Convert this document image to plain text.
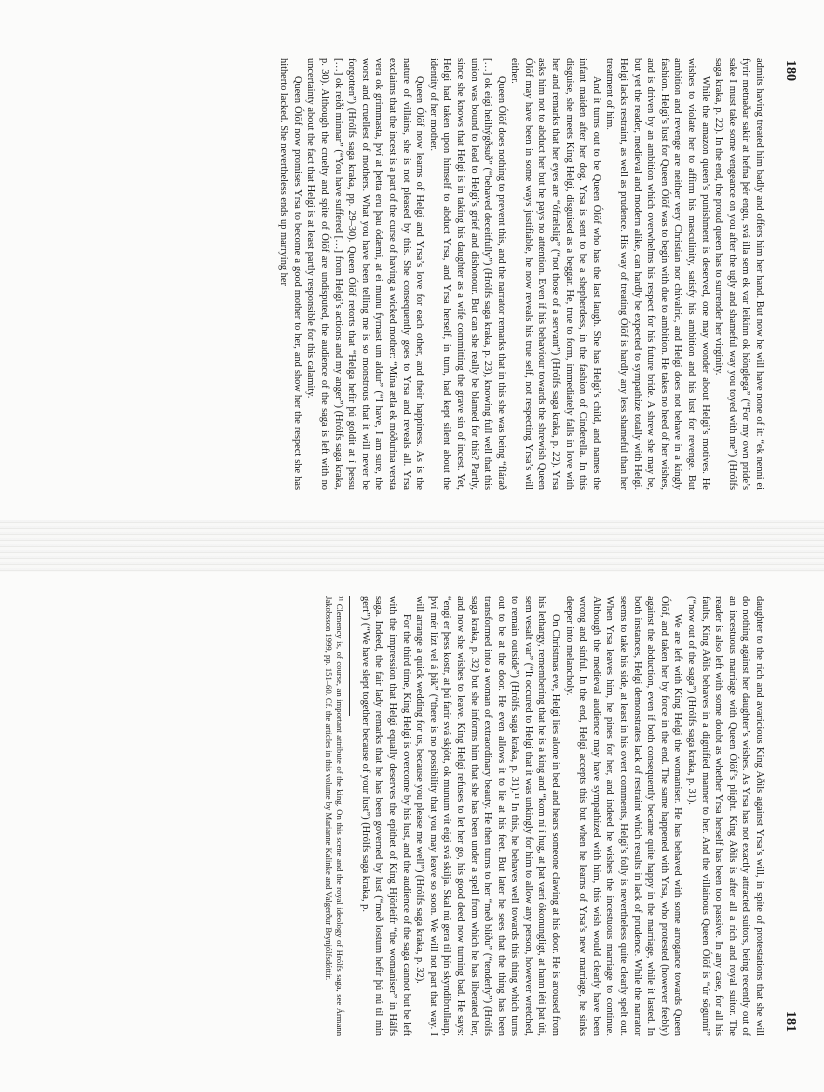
180

admits having treated him badly and offers him her hand. But now he will have none of it: “ek nenni ei fyrir metnaðar sakir at hefna þér engu, svá illa sem ek var leikinn ok hönglega” (“For my own pride’s sake I must take some vengeance on you after the ugly and shameful way you toyed with me”) (Hrólfs saga kraka, p. 22). In the end, the proud queen has to surrender her virginity.

While the amazon queen’s punishment is deserved, one may wonder about Helgi’s motives. He wishes to violate her to affirm his masculinity, satisfy his ambition and his lust for revenge. But ambition and revenge are neither very Christian nor chivalric, and Helgi does not behave in a kingly fashion. Helgi’s lust for Queen Ólöf was to begin with due to ambition. He takes no heed of her wishes, and is driven by an ambition which overwhelms his respect for his future bride. A shrew she may be, but yet the reader, medieval and modern alike, can hardly be expected to sympathize totally with Helgi. Helgi lacks restraint, as well as prudence. His way of treating Ólöf is hardly any less shameful than her treatment of him.

And it turns out to be Queen Ólöf who has the last laugh. She has Helgi’s child, and names the infant maiden after her dog. Yrsa is sent to be a shepherdess, in the fashion of Cinderella. In this disguise, she meets King Helgi, disguised as a beggar. He, true to form, immediately falls in love with her and remarks that her eyes are “ófrælslig” (“not those of a servant”) (Hrólfs saga kraka, p. 22). Yrsa asks him not to abduct her but he pays no attention. Even if his behaviour towards the shrewish Queen Ólöf may have been in some ways justifiable, he now reveals his true self, not respecting Yrsa’s will either.

Queen Ólöf does nothing to prevent this, and the narrator remarks that in this she was being “flárað […] ok eigi heilhýgðsuð” (“behaved deceitfully”) (Hrólfs saga kraka, p. 23), knowing full well that this union was bound to lead to Helgi’s grief and dishonour. But can she really be blamed for this? Partly, since she knows that Helgi is in taking his daughter as a wife committing the grave sin of incest. Yet, Helgi had taken upon himself to abduct Yrsa, and Yrsa herself, in turn, had kept silent about the identity of her mother.

Queen Ólöf now learns of Helgi and Yrsa’s love for each other, and their happiness. As is the nature of villains, she is not pleased by this. She consequently goes to Yrsa and reveals all. Yrsa exclaims that the incest is a part of the curse of having a wicked mother: “Mína ætla ek móðurina versta vera ok grimmasta, því at þetta eru þau ódæmi, at ei munu fyrnast um aldur” (“I have, I am sure, the worst and cruellest of mothers. What you have been telling me is so monstrous that it will never be forgotten”) (Hrólfs saga kraka, pp. 29–30). Queen Ólöf retorts that “Helga hefir þú goldit at í þessu […] ok reiði minnar” (“You have suffered […] from Helgi’s actions and my anger”) (Hrólfs saga kraka, p. 30). Although the cruelty and spite of Ólöf are undisputed, the audience of the saga is left with no uncertainty about the fact that Helgi is at least partly responsible for this calamity.

Queen Ólöf now promises Yrsa to become a good mother to her, and show her the respect she has hitherto lacked. She nevertheless ends up marrying her

181

daughter to the rich and avaricious King Aðils against Yrsa’s will, in spite of protestations that she will do nothing against her daughter’s wishes. As Yrsa has not exactly attracted suitors, being recently out of an incestuous marriage with Queen Ólöf’s plight. King Aðils is after all a rich and royal suitor. The reader is also left with some doubt as whether Yrsa herself has been too passive. In any case, for all his faults, King Aðils behaves in a dignified manner to her. And the villainous Queen Ólöf is “úr sögunni” (“now out of the saga”) (Hrólfs saga kraka, p. 31).

We are left with King Helgi the womaniser. He has behaved with some arrogance towards Queen Ólöf, and taken her by force in the end. The same happened with Yrsa, who protested (however feebly) against the abduction, even if both consequently became quite happy in the marriage, while it lasted. In both instances, Helgi demonstrates lack of restraint which results in lack of prudence. While the narrator seems to take his side, at least in his overt comments, Helgi’s folly is nevertheless quite clearly spelt out. When Yrsa leaves him, he pines for her, and indeed he wishes the incestuous marriage to continue. Although the medieval audience may have sympathized with him, this wish would clearly have been wrong and sinful. In the end, Helgi accepts this but when he learns of Yrsa’s new marriage, he sinks deeper into melancholy.

On Christmas eve, Helgi lies alone in bed and hears someone clawing at his door. He is aroused from his lethargy, remembering that he is a king and “kom ní í hug, at þat væri ókonungligt, at hann léti þat úti, sem vesalt var” (“It occured to Helgi that it was unkingly for him to allow any person, however wretched, to remain outside”) (Hrólfs saga kraka, p. 31).¹¹ In this, he behaves well towards this thing which turns out to be at the door. He even allows it to lie at his feet. But later he sees that the thing has been transformed into a woman of extraordinary beauty. He then turns to her “með blíðu” (“tenderly”) (Hrólfs saga kraka, p. 32) but she informs him that she has been under a spell from which he has liberated her, and now she wishes to leave. King Helgi refuses to let her go, his good deed now turning bad. He says: “engi er þess kostr, at þú farir svá skjótt, ok munum vit eigi svá skilja. Skal nú gera til þín skyndibrullaup, því mér lízt vel á þik” (“there is no possibility that you may leave so soon. We will not part that way. I will arrange a quick wedding for us, because you please me well”) (Hrólfs saga kraka, p. 32).

For the third time, King Helgi is overcome by his lust, and the audience of the saga cannot but be left with the impression that Helgi equally deserves the epithet of King Hjörleifr “the womaniser” in Hálfs saga. Indeed, the fair lady remarks that he has been governed by lust (“með lostum hefir þú nú til min gert”) (“We have slept together because of your lust”) (Hrólfs saga kraka, p.

¹¹ Clemency is, of course, an important attribute of the king. On this scene and the royal ideology of Hrólfs saga, see Ármann Jakobsson 1999, pp. 151–60. Cf. the articles in this volume by Marianne Kalinke and Valgerður Brynjólfsdóttir.
